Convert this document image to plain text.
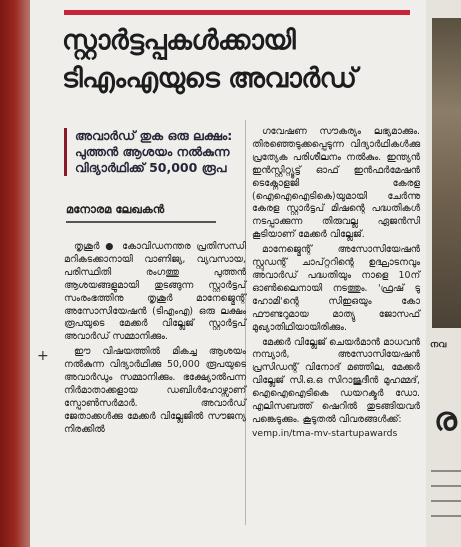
സ്റ്റാർട്ടപ്പുകൾക്കായി
ടിഎംഎയുടെ അവാർഡ്
അവാർഡ് തുക ഒരു ലക്ഷം: പുത്തൻ ആശയം നൽകുന്ന വിദ്യാർഥിക്ക് 50,000 രൂപ
മനോരമ ലേഖകൻ

തൃശൂർ ● കോവിഡനന്തര പ്രതിസന്ധി മറികടക്കാനായി വാണിജ്യ, വ്യവസായ, പരിസ്ഥിതി രംഗത്തു പുത്തൻ ആശയങ്ങളുമായി തുടങ്ങുന്ന സ്റ്റാർട്ടപ് സംരംഭത്തിനു തൃശൂർ മാനേജ്മെന്റ് അസോസിയേഷൻ (ടിഎംഎ) ഒരു ലക്ഷം രൂപയുടെ മേക്കർ വില്ലേജ് സ്റ്റാർട്ടപ് അവാർഡ് സമ്മാനിക്കും.

ഈ വിഷയത്തിൽ മികച്ച ആശയം നൽകുന്ന വിദ്യാർഥിക്കു 50,000 രൂപയുടെ അവാർഡും സമ്മാനിക്കും. ഭക്ഷ്യോൽപന്ന നിർമാതാക്കളായ ഡബിൾഹോഴ്സാണ് സ്പോൺസർമാർ. അവാർഡ് ജേതാക്കൾക്കു മേക്കർ വില്ലേജിൽ സൗജന്യ നിരക്കിൽ

+

ഗവേഷണ സൗകര്യം ലഭ്യമാക്കും. തിരഞ്ഞെടുക്കപ്പെടുന്ന വിദ്യാർഥികൾക്കു പ്രത്യേക പരിശീലനം നൽകും. ഇന്ത്യൻ ഇൻസ്റ്റിറ്റ്യൂട്ട് ഓഫ് ഇൻഫർമേഷൻ ടെക്നോളജി കേരള (ഐഐഐടികെ)യുമായി ചേർന്നു കേരള സ്റ്റാർട്ടപ് മിഷന്റെ പദ്ധതികൾ നടപ്പാക്കുന്ന തിരുവല്ല ഏജൻസി കൂടിയാണ് മേക്കർ വില്ലേജ്.

മാനേജ്മെന്റ് അസോസിയേഷൻ സ്റ്റുഡന്റ് ചാപ്റ്ററിന്റെ ഉദ്ഘാടനവും അവാർഡ് പദ്ധതിയും നാളെ 10ന് ഓൺലൈനായി നടത്തും. 'ഫ്രഷ് ടു ഹോമി'ന്റെ സിഇഒയും കോ ഫൗണ്ടറുമായ മാത്യു ജോസഫ് മുഖ്യാതിഥിയായിരിക്കും.

മേക്കർ വില്ലേജ് ചെയർമാൻ മാധവൻ നമ്പ്യാർ, അസോസിയേഷൻ പ്രസിഡന്റ് വിനോദ് മഞ്ഞില, മേക്കർ വില്ലേജ് സി.ഒ.ഒ സിറാജുദീൻ മുഹമ്മദ്, ഐഐഐടികെ ഡയറക്ടർ ഡോ. എലിസബത്ത് ഷെറിൽ തുടങ്ങിയവർ പങ്കെടുക്കും. കൂടുതൽ വിവരങ്ങൾക്ക്:

vemp.in/tma-mv-startupawards
നവ
ര
